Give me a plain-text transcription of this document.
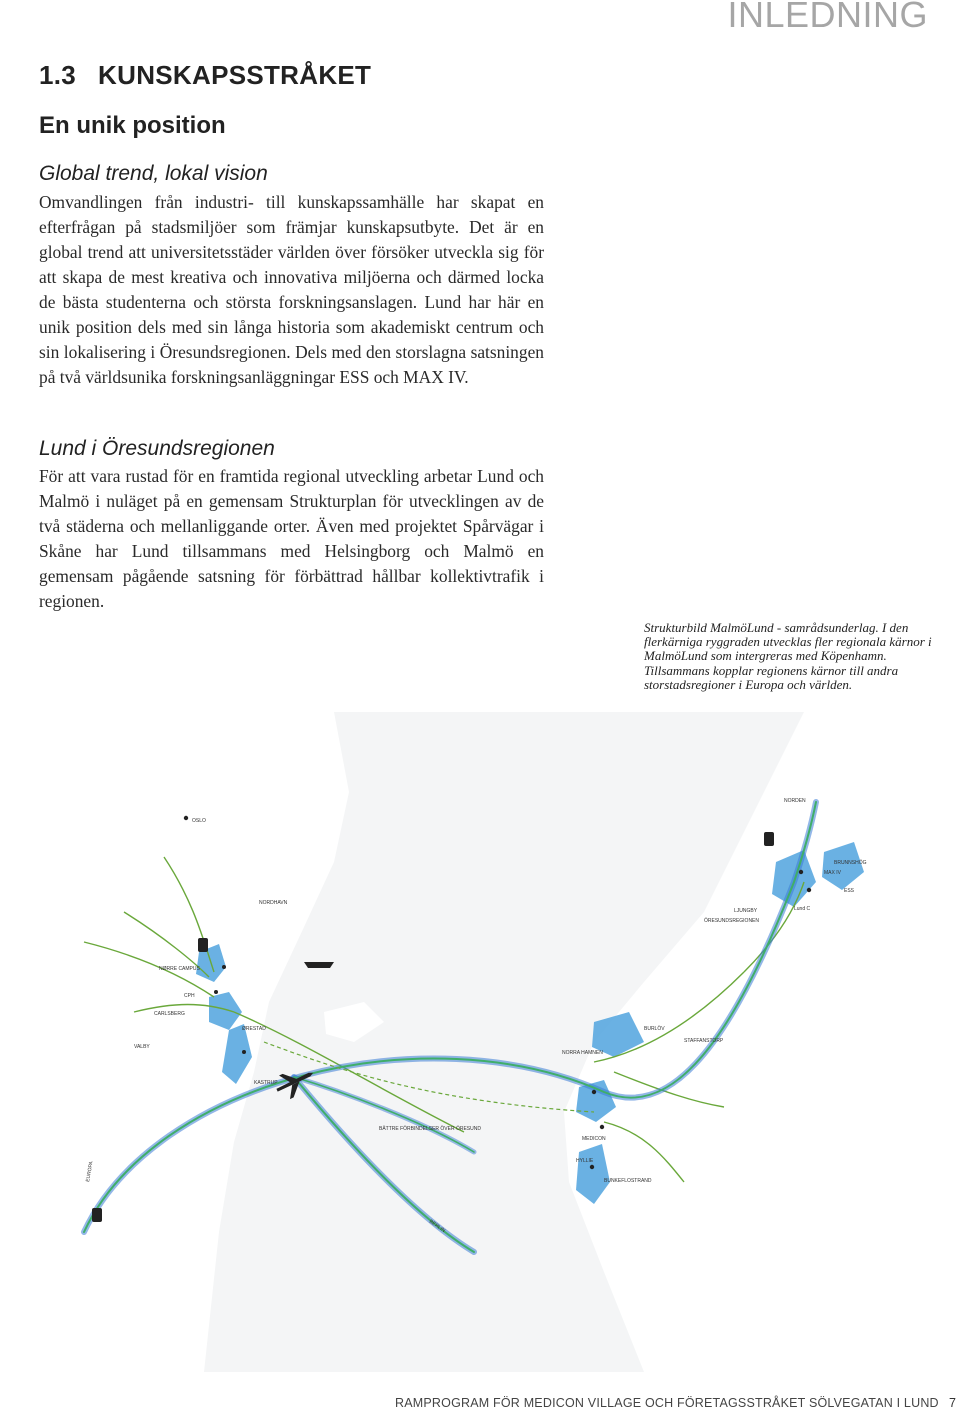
INLEDNING
1.3 KUNSKAPSSTRÅKET
En unik position
Global trend, lokal vision
Omvandlingen från industri- till kunskapssamhälle har skapat en efterfrågan på stadsmiljöer som främjar kunskapsutbyte. Det är en global trend att universitetsstäder världen över försöker utveckla sig för att skapa de mest kreativa och innovativa miljöerna och därmed locka de bästa studenterna och största forskningsanslagen. Lund har här en unik position dels med sin långa historia som akademiskt centrum och sin lokalisering i Öresundsregionen. Dels med den storslagna satsningen på två världsunika forskningsanläggningar ESS och MAX IV.
Lund i Öresundsregionen
För att vara rustad för en framtida regional utveckling arbetar Lund och Malmö i nuläget på en gemensam Strukturplan för utvecklingen av de två städerna och mellanliggande orter. Även med projektet Spårvägar i Skåne har Lund tillsammans med Helsingborg och Malmö en gemensam pågående satsning för förbättrad hållbar kollektivtrafik i regionen.
Strukturbild MalmöLund - samrådsunderlag. I den flerkärniga ryggraden utvecklas fler regionala kärnor i MalmöLund som intergreras med Köpenhamn. Tillsammans kopplar regionens kärnor till andra storstadsregioner i Europa och världen.
OSLO
NORDEN
NORDHAVN
NØRRE CAMPUS
CPH
ØRESTAD
KASTRUP
VALBY
CARLSBERG
LJUNGBY
ÖRESUNDSREGIONEN
BRUNNSHÖG
NORRA HAMNEN
MEDICON
HYLLIE
BUNKEFLOSTRAND
BURLÖV
STAFFANSTORP
BÄTTRE FÖRBINDELSER ÖVER ÖRESUND
Lund C
ESS
MAX IV
EUROPA
BERLIN
RAMPROGRAM FÖR MEDICON VILLAGE OCH FÖRETAGSSTRÅKET SÖLVEGATAN I LUND 7
